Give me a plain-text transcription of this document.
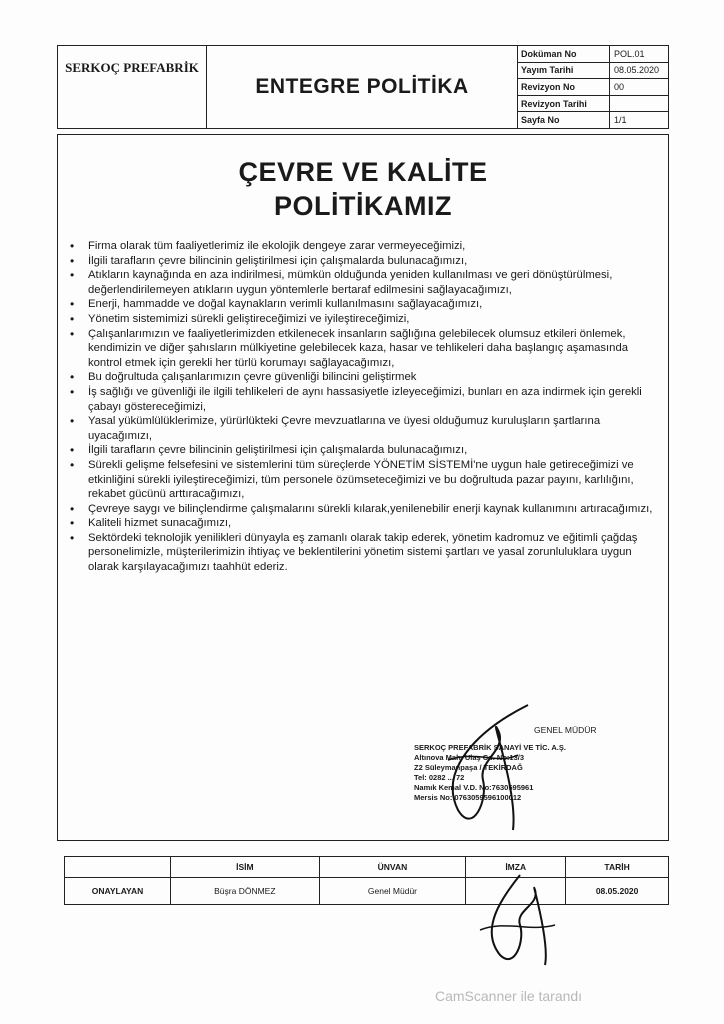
SERKOÇ PREFABRİK
ENTEGRE POLİTİKA
Doküman No	POL.01
Yayım Tarihi	08.05.2020
Revizyon No	00
Revizyon Tarihi
Sayfa No	1/1
ÇEVRE VE KALİTE
POLİTİKAMIZ
• Firma olarak tüm faaliyetlerimiz ile ekolojik dengeye zarar vermeyeceğimizi,
• İlgili tarafların çevre bilincinin geliştirilmesi için çalışmalarda bulunacağımızı,
• Atıkların kaynağında en aza indirilmesi, mümkün olduğunda yeniden kullanılması ve geri dönüştürülmesi, değerlendirilemeyen atıkların uygun yöntemlerle bertaraf edilmesini sağlayacağımızı,
• Enerji, hammadde ve doğal kaynakların verimli kullanılmasını sağlayacağımızı,
• Yönetim sistemimizi sürekli geliştireceğimizi ve iyileştireceğimizi,
• Çalışanlarımızın ve faaliyetlerimizden etkilenecek insanların sağlığına gelebilecek olumsuz etkileri önlemek, kendimizin ve diğer şahısların mülkiyetine gelebilecek kaza, hasar ve tehlikeleri daha başlangıç aşamasında kontrol etmek için gerekli her türlü korumayı sağlayacağımızı,
• Bu doğrultuda çalışanlarımızın çevre güvenliği bilincini geliştirmek
• İş sağlığı ve güvenliği ile ilgili tehlikeleri de aynı hassasiyetle izleyeceğimizi, bunları en aza indirmek için gerekli çabayı göstereceğimizi,
• Yasal yükümlülüklerimize, yürürlükteki Çevre mevzuatlarına ve üyesi olduğumuz kuruluşların şartlarına uyacağımızı,
• İlgili tarafların çevre bilincinin geliştirilmesi için çalışmalarda bulunacağımızı,
• Sürekli gelişme felsefesini ve sistemlerini tüm süreçlerde YÖNETİM SİSTEMİ'ne uygun hale getireceğimizi ve etkinliğini sürekli iyileştireceğimizi, tüm personele özümseteceğimizi ve bu doğrultuda pazar payını, karlılığını, rekabet gücünü arttıracağımızı,
• Çevreye saygı ve bilinçlendirme çalışmalarını sürekli kılarak,yenilenebilir enerji kaynak kullanımını artıracağımızı,
• Kaliteli hizmet sunacağımızı,
• Sektördeki teknolojik yenilikleri dünyayla eş zamanlı olarak takip ederek, yönetim kadromuz ve eğitimli çağdaş personelimizle, müşterilerimizin ihtiyaç ve beklentilerini yönetim sistemi şartları ve yasal zorunluluklara uygun olarak karşılayacağımızı taahhüt ederiz.
GENEL MÜDÜR
SERKOÇ PREFABRİK SANAYİ VE TİC. A.Ş.
Altınova Mah. Ulaş Cd. No:13/3
Z2 Süleymanpaşa / TEKİRDAĞ
Tel: 0282 ... 72
Namık Kemal V.D. No:7630595961
Mersis No: 0763059596100012
	İSİM	ÜNVAN	İMZA	TARİH
ONAYLAYAN	Büşra DÖNMEZ	Genel Müdür		08.05.2020
CamScanner ile tarandı
